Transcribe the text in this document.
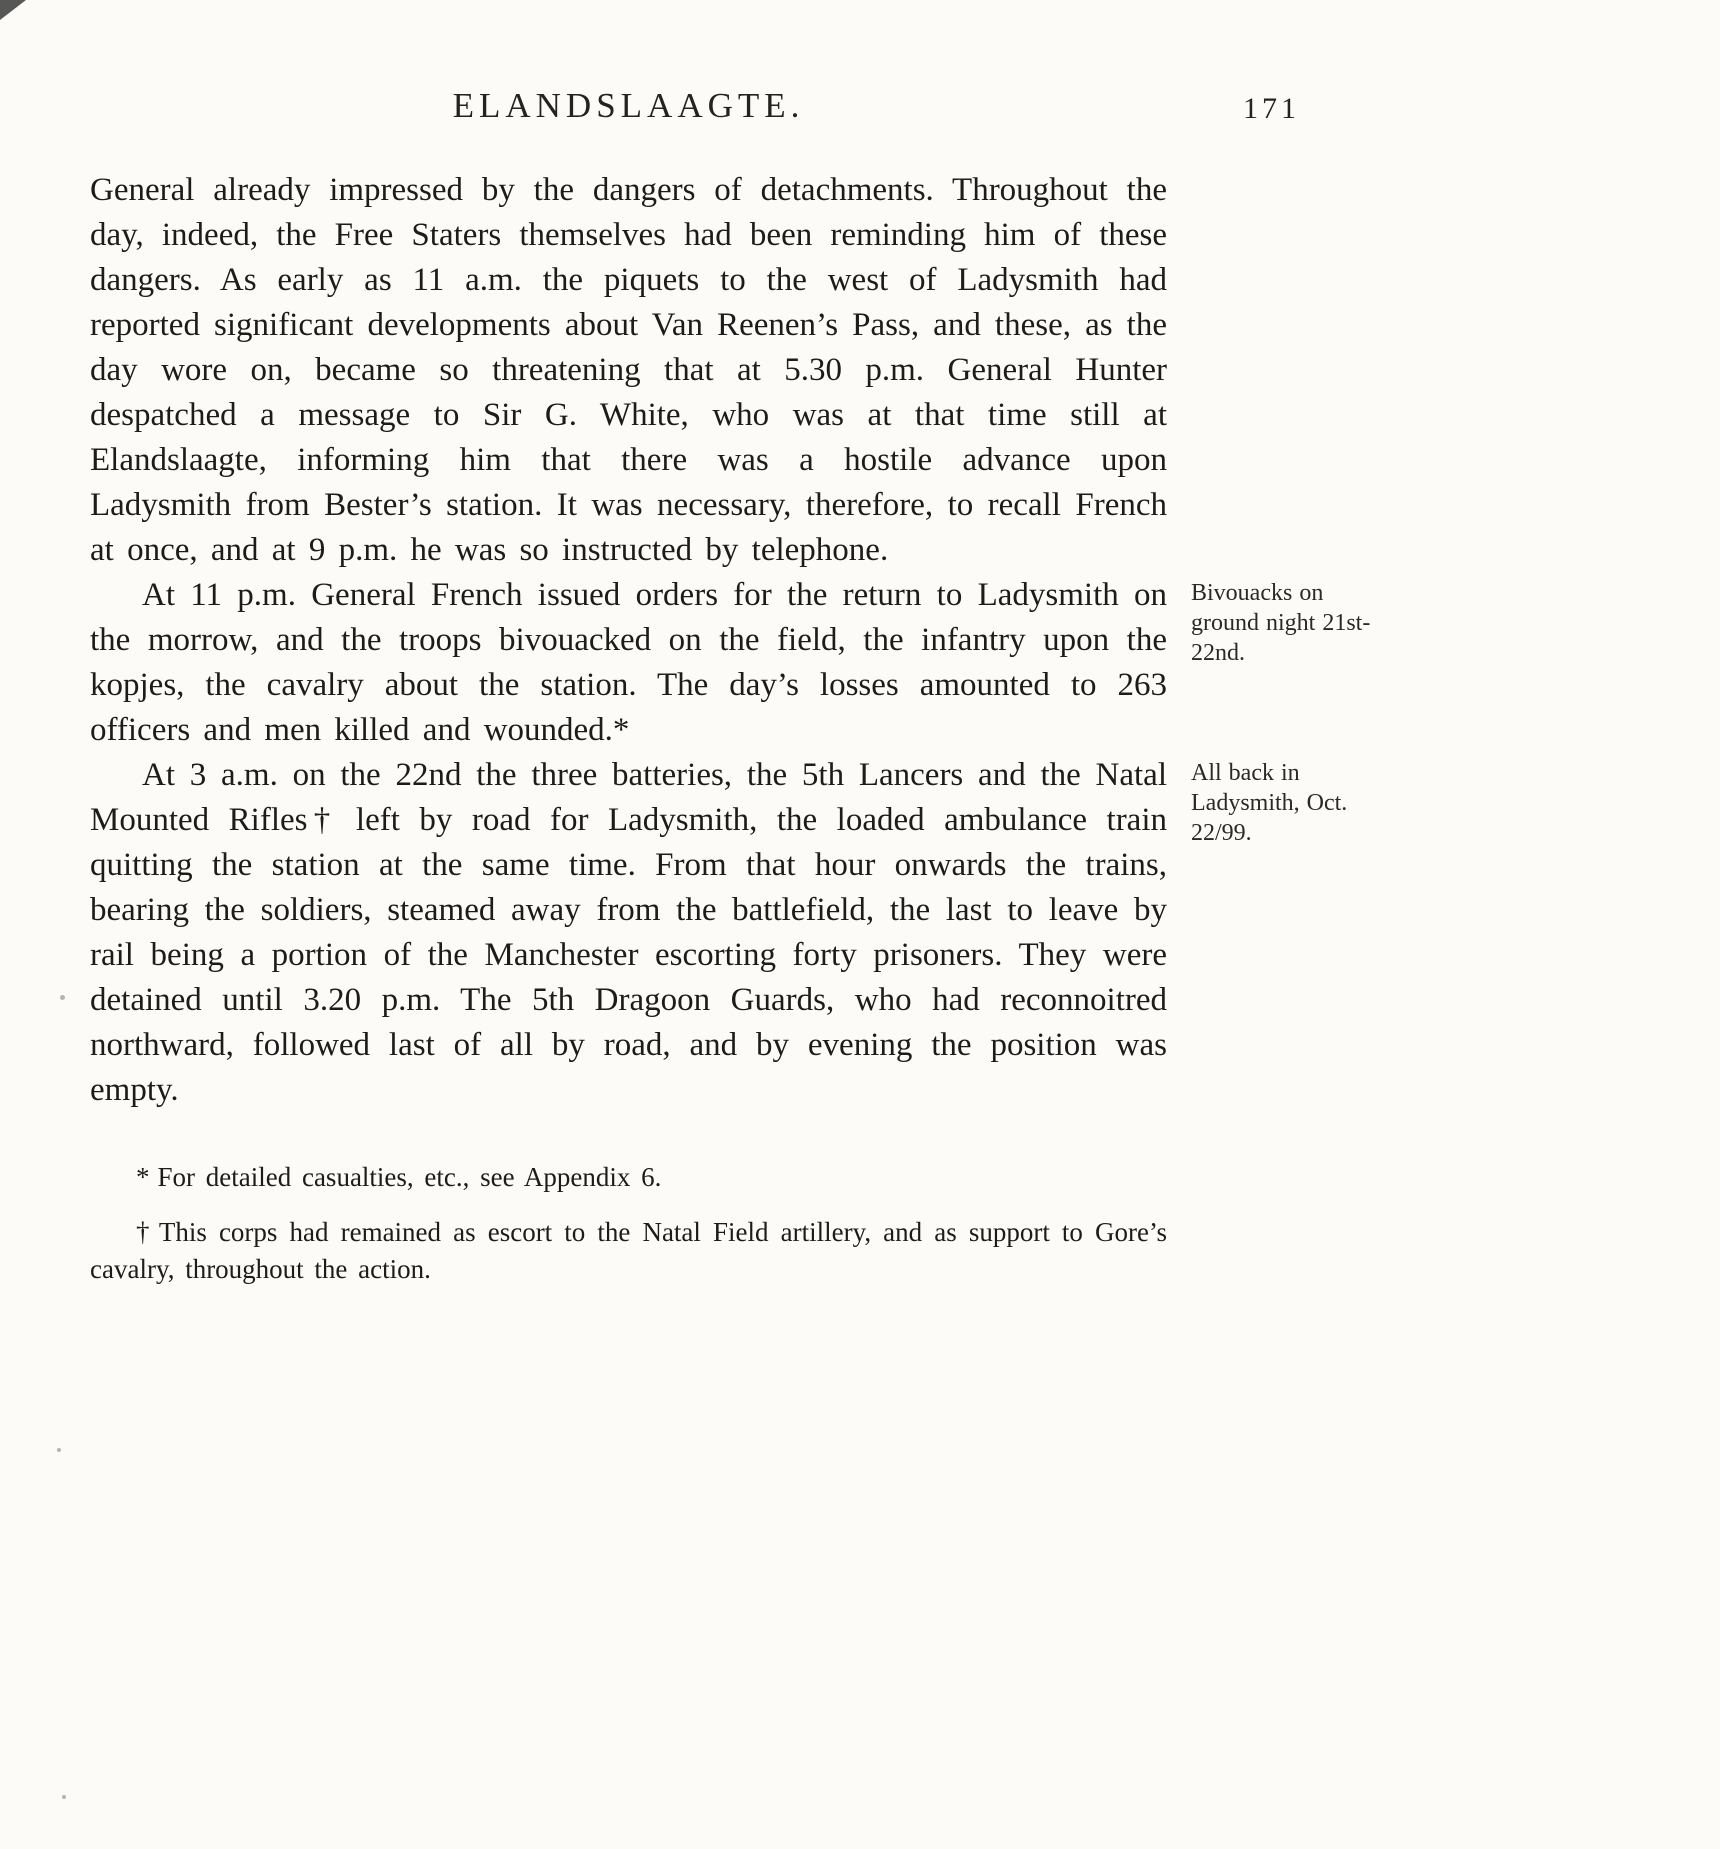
171
ELANDSLAAGTE.

General already impressed by the dangers of detachments. Throughout the day, indeed, the Free Staters themselves had been reminding him of these dangers. As early as 11 a.m. the piquets to the west of Ladysmith had reported significant developments about Van Reenen’s Pass, and these, as the day wore on, became so threatening that at 5.30 p.m. General Hunter despatched a message to Sir G. White, who was at that time still at Elandslaagte, informing him that there was a hostile advance upon Ladysmith from Bester’s station. It was necessary, therefore, to recall French at once, and at 9 p.m. he was so instructed by telephone.

At 11 p.m. General French issued orders for the return to Ladysmith on the morrow, and the troops bivouacked on the field, the infantry upon the kopjes, the cavalry about the station. The day’s losses amounted to 263 officers and men killed and wounded.*
Bivouacks on ground night 21st-22nd.

At 3 a.m. on the 22nd the three batteries, the 5th Lancers and the Natal Mounted Rifles† left by road for Ladysmith, the loaded ambulance train quitting the station at the same time. From that hour onwards the trains, bearing the soldiers, steamed away from the battlefield, the last to leave by rail being a portion of the Manchester escorting forty prisoners. They were detained until 3.20 p.m. The 5th Dragoon Guards, who had reconnoitred northward, followed last of all by road, and by evening the position was empty.
All back in Ladysmith, Oct. 22/99.

* For detailed casualties, etc., see Appendix 6.

† This corps had remained as escort to the Natal Field artillery, and as support to Gore’s cavalry, throughout the action.
